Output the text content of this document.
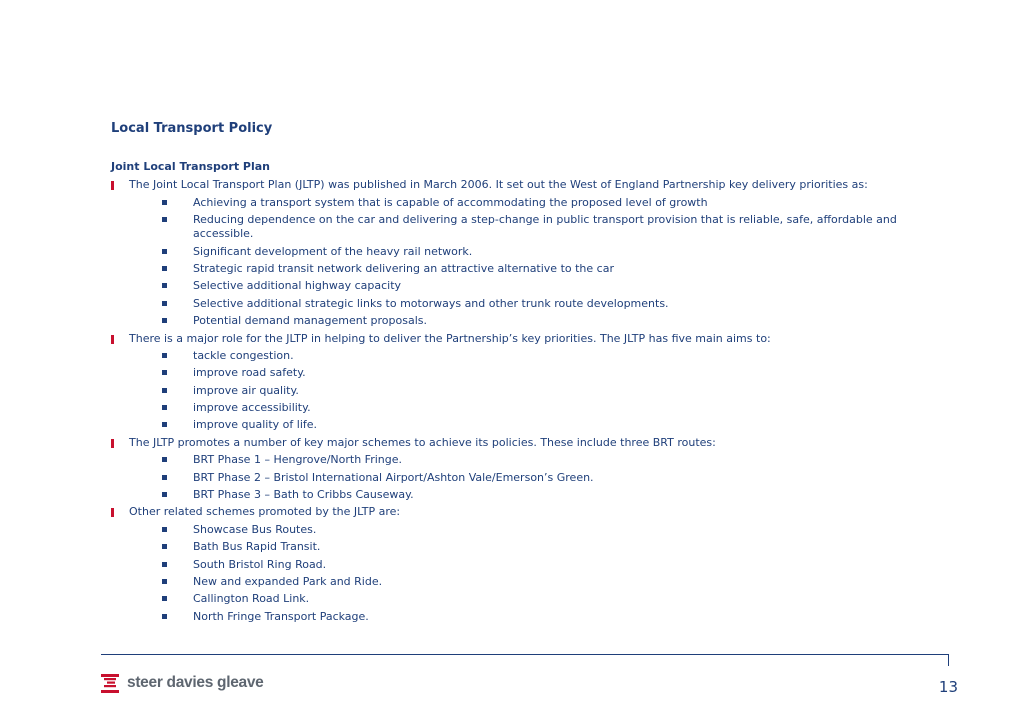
Local Transport Policy
Joint Local Transport Plan
The Joint Local Transport Plan (JLTP) was published in March 2006. It set out the West of England Partnership key delivery priorities as:
Achieving a transport system that is capable of accommodating the proposed level of growth
Reducing dependence on the car and delivering a step-change in public transport provision that is reliable, safe, affordable and accessible.
Significant development of the heavy rail network.
Strategic rapid transit network delivering an attractive alternative to the car
Selective additional highway capacity
Selective additional strategic links to motorways and other trunk route developments.
Potential demand management proposals.
There is a major role for the JLTP in helping to deliver the Partnership’s key priorities. The JLTP has five main aims to:
tackle congestion.
improve road safety.
improve air quality.
improve accessibility.
improve quality of life.
The JLTP promotes a number of key major schemes to achieve its policies. These include three BRT routes:
BRT Phase 1 – Hengrove/North Fringe.
BRT Phase 2 – Bristol International Airport/Ashton Vale/Emerson’s Green.
BRT Phase 3 – Bath to Cribbs Causeway.
Other related schemes promoted by the JLTP are:
Showcase Bus Routes.
Bath Bus Rapid Transit.
South Bristol Ring Road.
New and expanded Park and Ride.
Callington Road Link.
North Fringe Transport Package.
steer davies gleave	13
